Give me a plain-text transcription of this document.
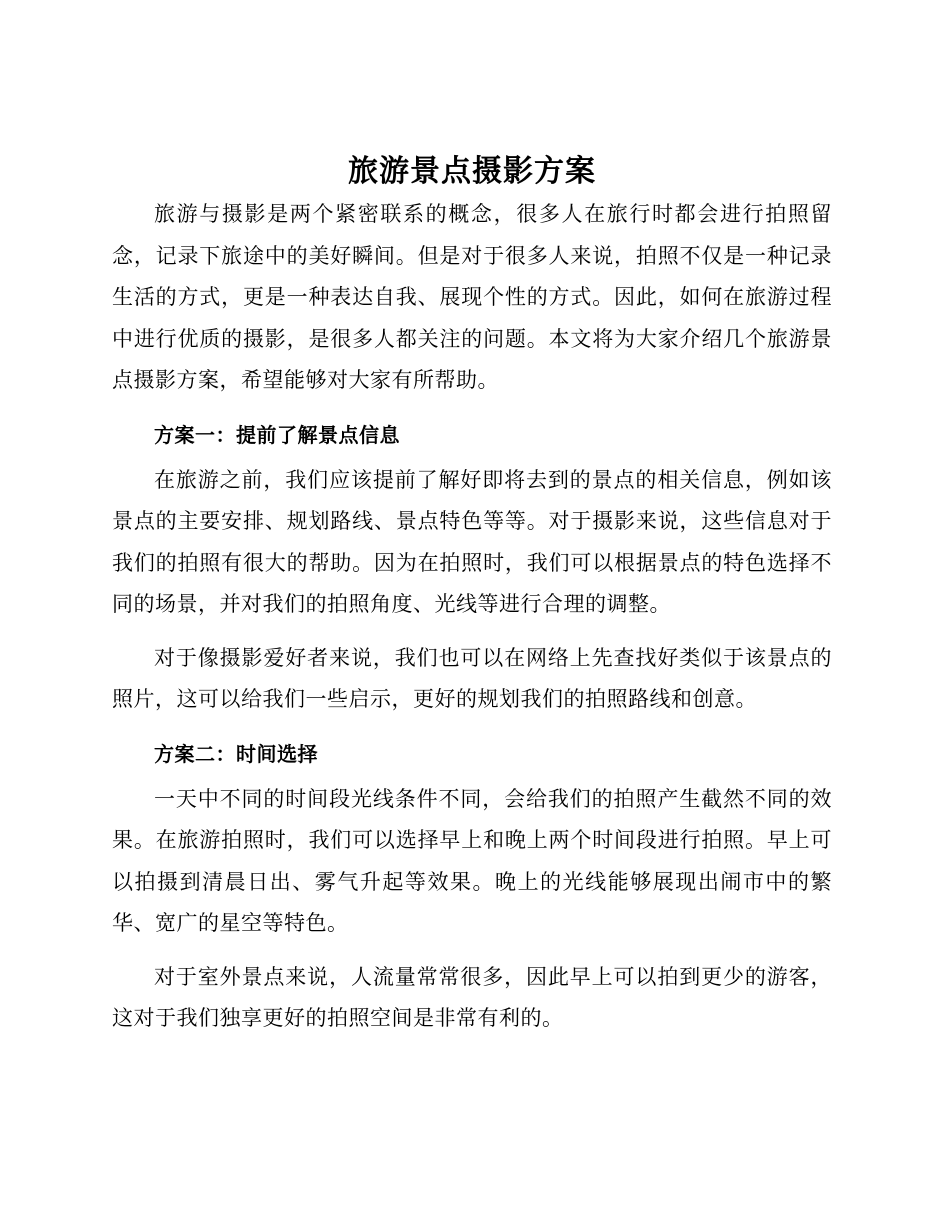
旅游景点摄影方案

旅游与摄影是两个紧密联系的概念，很多人在旅行时都会进行拍照留念，记录下旅途中的美好瞬间。但是对于很多人来说，拍照不仅是一种记录生活的方式，更是一种表达自我、展现个性的方式。因此，如何在旅游过程中进行优质的摄影，是很多人都关注的问题。本文将为大家介绍几个旅游景点摄影方案，希望能够对大家有所帮助。

方案一：提前了解景点信息

在旅游之前，我们应该提前了解好即将去到的景点的相关信息，例如该景点的主要安排、规划路线、景点特色等等。对于摄影来说，这些信息对于我们的拍照有很大的帮助。因为在拍照时，我们可以根据景点的特色选择不同的场景，并对我们的拍照角度、光线等进行合理的调整。

对于像摄影爱好者来说，我们也可以在网络上先查找好类似于该景点的照片，这可以给我们一些启示，更好的规划我们的拍照路线和创意。

方案二：时间选择

一天中不同的时间段光线条件不同，会给我们的拍照产生截然不同的效果。在旅游拍照时，我们可以选择早上和晚上两个时间段进行拍照。早上可以拍摄到清晨日出、雾气升起等效果。晚上的光线能够展现出闹市中的繁华、宽广的星空等特色。

对于室外景点来说，人流量常常很多，因此早上可以拍到更少的游客，这对于我们独享更好的拍照空间是非常有利的。
